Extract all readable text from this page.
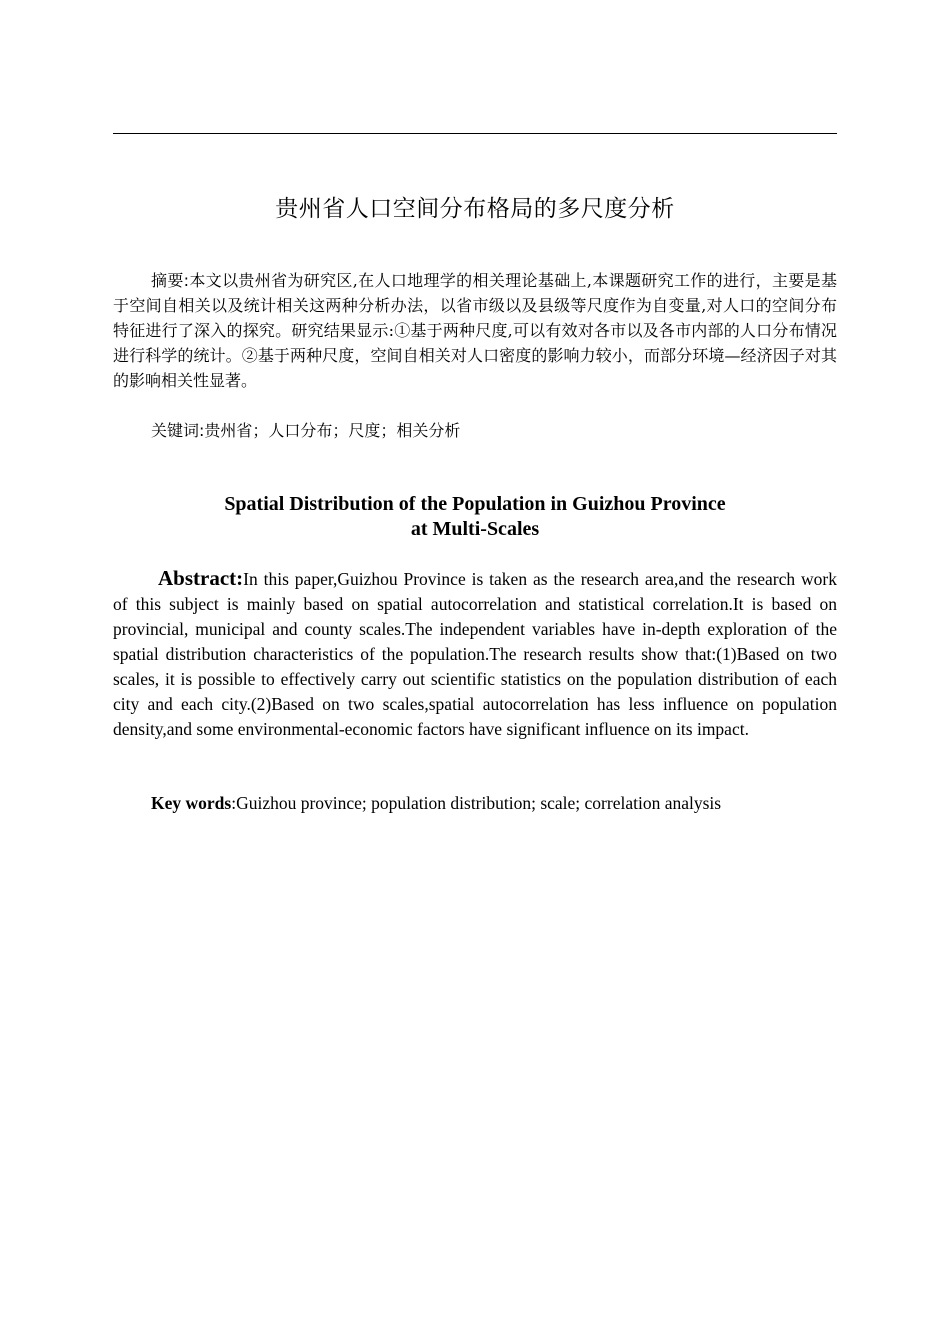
贵州省人口空间分布格局的多尺度分析
摘要:本文以贵州省为研究区,在人口地理学的相关理论基础上,本课题研究工作的进行，主要是基于空间自相关以及统计相关这两种分析办法，以省市级以及县级等尺度作为自变量,对人口的空间分布特征进行了深入的探究。研究结果显示:①基于两种尺度,可以有效对各市以及各市内部的人口分布情况进行科学的统计。②基于两种尺度，空间自相关对人口密度的影响力较小，而部分环境—经济因子对其的影响相关性显著。
关键词:贵州省；人口分布；尺度；相关分析
Spatial Distribution of the Population in Guizhou Province
at Multi-Scales
Abstract:In this paper,Guizhou Province is taken as the research area,and the research work of this subject is mainly based on spatial autocorrelation and statistical correlation.It is based on provincial, municipal and county scales.The independent variables have in-depth exploration of the spatial distribution characteristics of the population.The research results show that:(1)Based on two scales, it is possible to effectively carry out scientific statistics on the population distribution of each city and each city.(2)Based on two scales,spatial autocorrelation has less influence on population density,and some environmental-economic factors have significant influence on its impact.
Key words:Guizhou province; population distribution; scale; correlation analysis
